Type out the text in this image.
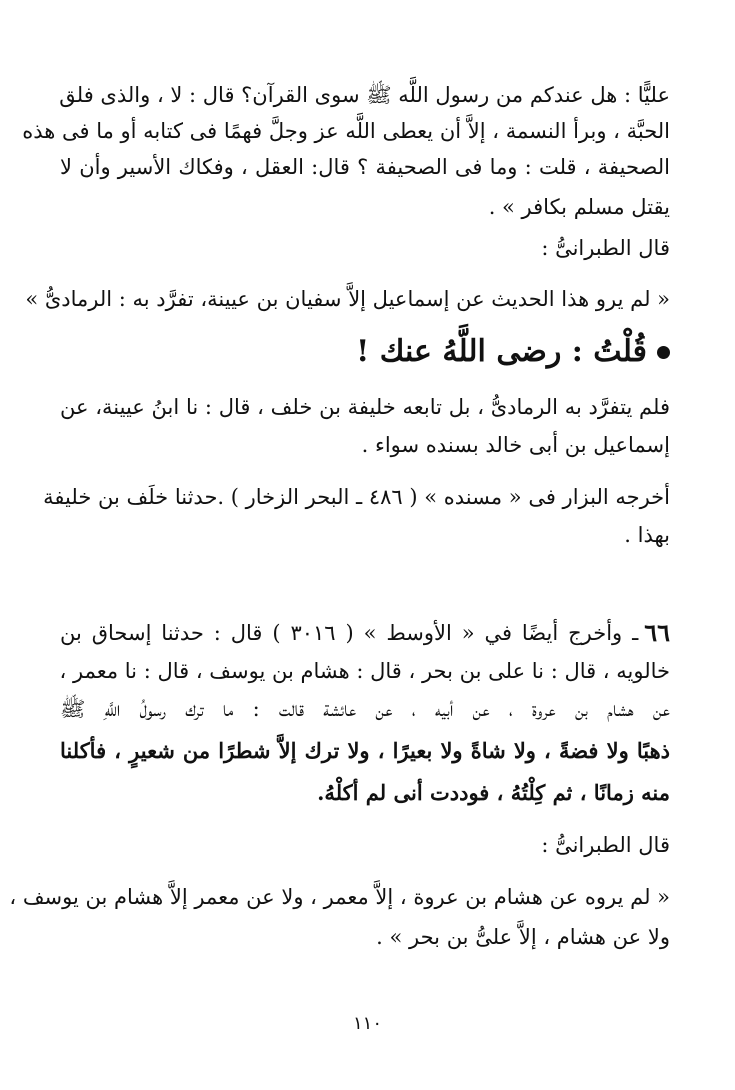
عليًّا : هل عندكم من رسول اللَّه ﷺ سوى القرآن؟ قال : لا ، والذى فلق
الحبَّة ، وبرأ النسمة ، إلاَّ أن يعطى اللَّه عز وجلَّ فهمًا فى كتابه أو ما فى هذه
الصحيفة ، قلت : وما فى الصحيفة ؟ قال: العقل ، وفكاك الأسير وأن لا
يقتل مسلم بكافر » .
قال الطبرانىُّ :
« لم يرو هذا الحديث عن إسماعيل إلاَّ سفيان بن عيينة، تفرَّد به : الرمادىُّ »
قُلْتُ : رضى اللَّهُ عنك !
فلم يتفرَّد به الرمادىُّ ، بل تابعه خليفة بن خلف ، قال : نا ابنُ عيينة، عن
إسماعيل بن أبى خالد بسنده سواء .
أخرجه البزار فى « مسنده » ( ٤٨٦ ـ البحر الزخار ) .حدثنا خلَف بن خليفة
بهذا .
٦٦
ـ وأخرج أيضًا في « الأوسط » ( ٣٠١٦ ) قال : حدثنا إسحاق بن
خالويه ، قال : نا على بن بحر ، قال : هشام بن يوسف ، قال : نا معمر ،
عن هشام بن عروة ، عن أبيه ، عن عائشة قالت : ما ترك رسولُ اللَّهِ ﷺ
ذهبًا ولا فضةً ، ولا شاةً ولا بعيرًا ، ولا ترك إلاَّ شطرًا من شعيرٍ ، فأكلنا
منه زمانًا ، ثم كِلْتُهُ ، فوددت أنى لم أكلْهُ.
قال الطبرانىُّ :
« لم يروه عن هشام بن عروة ، إلاَّ معمر ، ولا عن معمر إلاَّ هشام بن يوسف ،
ولا عن هشام ، إلاَّ علىُّ بن بحر » .
١١٠
